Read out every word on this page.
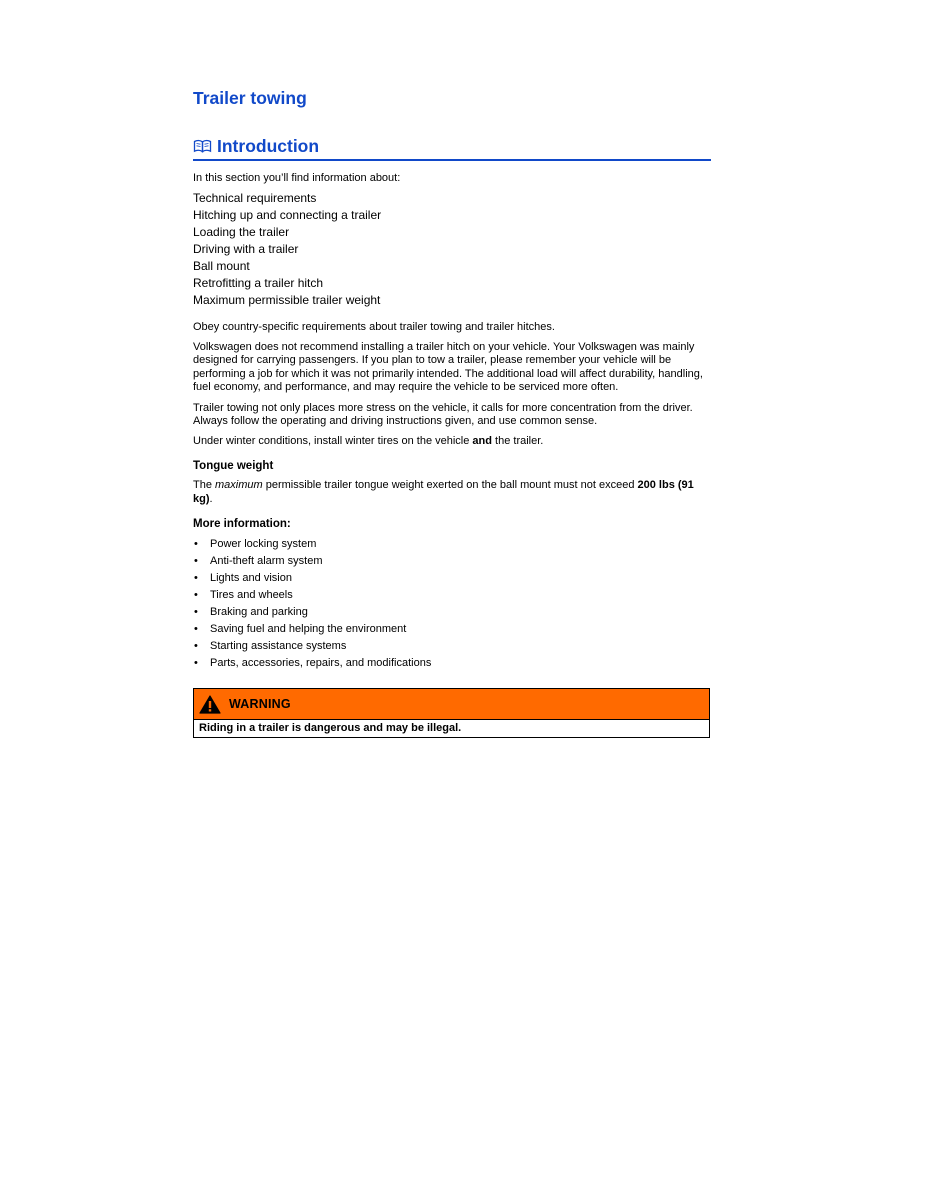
Trailer towing
Introduction
In this section you’ll find information about:
Technical requirements
Hitching up and connecting a trailer
Loading the trailer
Driving with a trailer
Ball mount
Retrofitting a trailer hitch
Maximum permissible trailer weight

Obey country-specific requirements about trailer towing and trailer hitches.

Volkswagen does not recommend installing a trailer hitch on your vehicle. Your Volkswagen was mainly designed for carrying passengers. If you plan to tow a trailer, please remember your vehicle will be performing a job for which it was not primarily intended. The additional load will affect durability, handling, fuel economy, and performance, and may require the vehicle to be serviced more often.

Trailer towing not only places more stress on the vehicle, it calls for more concentration from the driver. Always follow the operating and driving instructions given, and use common sense.

Under winter conditions, install winter tires on the vehicle and the trailer.

Tongue weight

The maximum permissible trailer tongue weight exerted on the ball mount must not exceed 200 lbs (91 kg).

More information:
• Power locking system
• Anti-theft alarm system
• Lights and vision
• Tires and wheels
• Braking and parking
• Saving fuel and helping the environment
• Starting assistance systems
• Parts, accessories, repairs, and modifications
WARNING
Riding in a trailer is dangerous and may be illegal.
